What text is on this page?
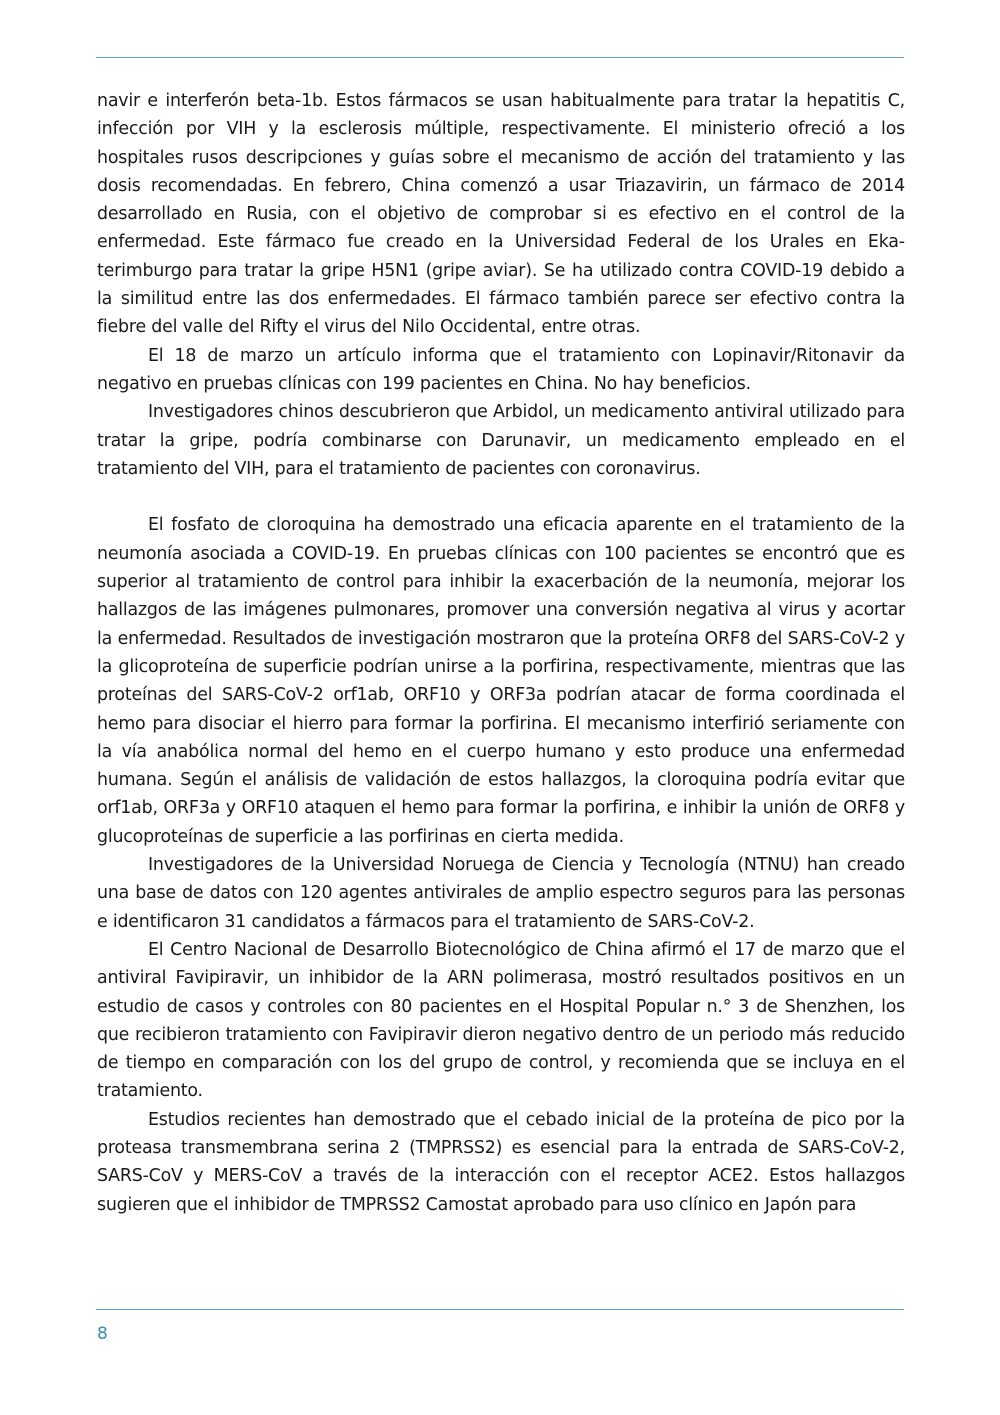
navir e interferón beta-1b. Estos fármacos se usan habitualmente para tratar la hepatitis C, infección por VIH y la esclerosis múltiple, respectivamente. El ministerio ofreció a los hospitales rusos descripciones y guías sobre el mecanismo de acción del tratamiento y las dosis recomendadas. En febrero, China comenzó a usar Triazavirin, un fármaco de 2014 desarrollado en Rusia, con el objetivo de comprobar si es efectivo en el control de la enfermedad. Este fármaco fue creado en la Universidad Federal de los Urales en Ekaterimburgo para tratar la gripe H5N1 (gripe aviar). Se ha utilizado contra COVID-19 debido a la similitud entre las dos enfermedades. El fármaco también parece ser efectivo contra la fiebre del valle del Rifty el virus del Nilo Occidental, entre otras.

El 18 de marzo un artículo informa que el tratamiento con Lopinavir/Ritonavir da negativo en pruebas clínicas con 199 pacientes en China. No hay beneficios.

Investigadores chinos descubrieron que Arbidol, un medicamento antiviral utilizado para tratar la gripe, podría combinarse con Darunavir, un medicamento empleado en el tratamiento del VIH, para el tratamiento de pacientes con coronavirus.

El fosfato de cloroquina ha demostrado una eficacia aparente en el tratamiento de la neumonía asociada a COVID-19. En pruebas clínicas con 100 pacientes se encontró que es superior al tratamiento de control para inhibir la exacerbación de la neumonía, mejorar los hallazgos de las imágenes pulmonares, promover una conversión negativa al virus y acortar la enfermedad. Resultados de investigación mostraron que la proteína ORF8 del SARS-CoV-2 y la glicoproteína de superficie podrían unirse a la porfirina, respectivamente, mientras que las proteínas del SARS-CoV-2 orf1ab, ORF10 y ORF3a podrían atacar de forma coordinada el hemo para disociar el hierro para formar la porfirina. El mecanismo interfirió seriamente con la vía anabólica normal del hemo en el cuerpo humano y esto produce una enfermedad humana. Según el análisis de validación de estos hallazgos, la cloroquina podría evitar que orf1ab, ORF3a y ORF10 ataquen el hemo para formar la porfirina, e inhibir la unión de ORF8 y glucoproteínas de superficie a las porfirinas en cierta medida.

Investigadores de la Universidad Noruega de Ciencia y Tecnología (NTNU) han creado una base de datos con 120 agentes antivirales de amplio espectro seguros para las personas e identificaron 31 candidatos a fármacos para el tratamiento de SARS-CoV-2.

El Centro Nacional de Desarrollo Biotecnológico de China afirmó el 17 de marzo que el antiviral Favipiravir, un inhibidor de la ARN polimerasa, mostró resultados positivos en un estudio de casos y controles con 80 pacientes en el Hospital Popular n.° 3 de Shenzhen, los que recibieron tratamiento con Favipiravir dieron negativo dentro de un periodo más reducido de tiempo en comparación con los del grupo de control, y recomienda que se incluya en el tratamiento.

Estudios recientes han demostrado que el cebado inicial de la proteína de pico por la proteasa transmembrana serina 2 (TMPRSS2) es esencial para la entrada de SARS-CoV-2, SARS-CoV y MERS-CoV a través de la interacción con el receptor ACE2. Estos hallazgos sugieren que el inhibidor de TMPRSS2 Camostat aprobado para uso clínico en Japón para

8
